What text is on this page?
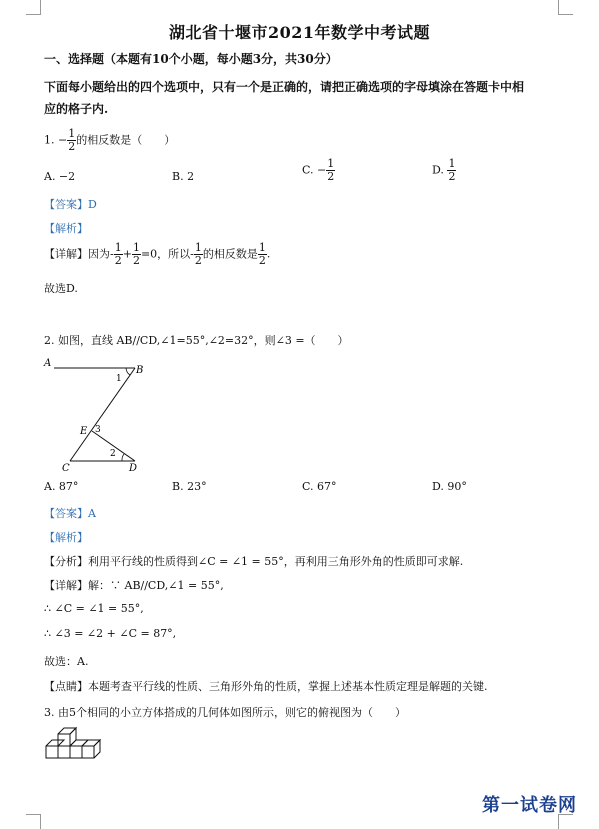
湖北省十堰市2021年数学中考试题
一、选择题（本题有10个小题，每小题3分，共30分）
下面每小题给出的四个选项中，只有一个是正确的，请把正确选项的字母填涂在答题卡中相
应的格子内.
1. − $\frac{1}{2}$ 的相反数是（　　）
A. −2	B. 2	C. − $\frac{1}{2}$	D. $\frac{1}{2}$
【答案】D
【解析】
【详解】因为- $\frac{1}{2} + \frac{1}{2} =0$，所以- $\frac{1}{2}$ 的相反数是 $\frac{1}{2}$ .
故选D.
2. 如图，直线 AB//CD,∠1=55°,∠2=32°，则∠3 =（　　）
A
B
C	D
E
1
2
3
A. 87°	B. 23°	C. 67°	D. 90°
【答案】A
【解析】
【分析】利用平行线的性质得到∠C = ∠1 = 55°，再利用三角形外角的性质即可求解.
【详解】解：∵ AB//CD,∠1 = 55°,
∴ ∠C = ∠1 = 55°,
∴ ∠3 = ∠2 + ∠C = 87°,
故选：A.
【点睛】本题考查平行线的性质、三角形外角的性质，掌握上述基本性质定理是解题的关键.
3. 由5个相同的小立方体搭成的几何体如图所示，则它的俯视图为（　　）
第一试卷网
